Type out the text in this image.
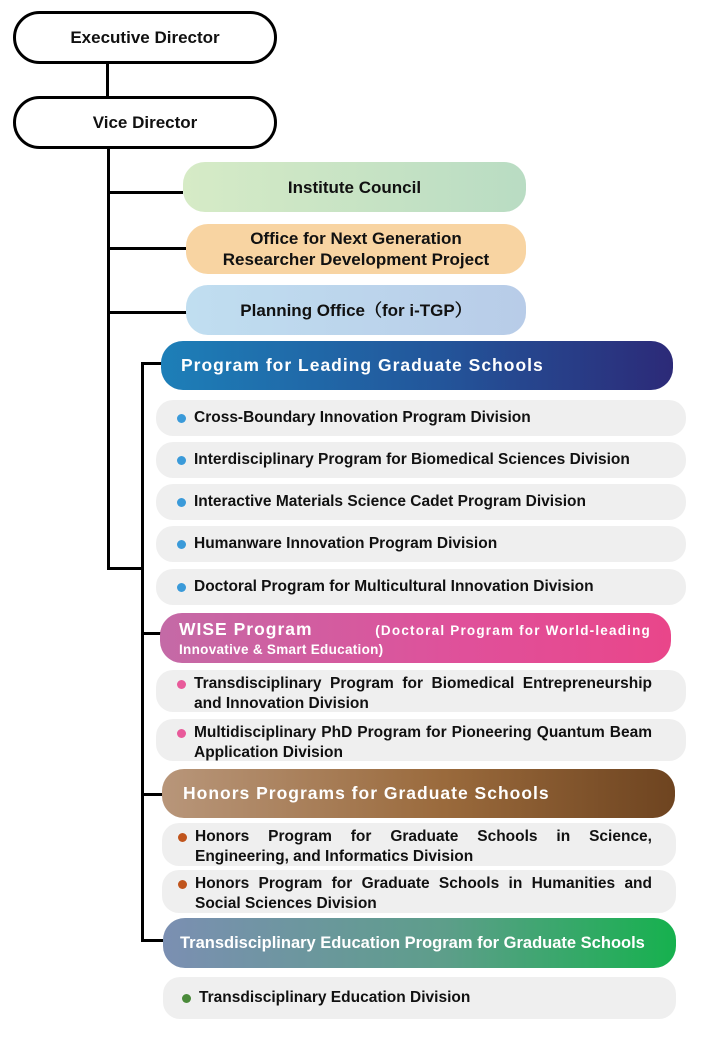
Executive Director
Vice Director
Institute Council
Office for Next Generation
Researcher Development Project
Planning Office（for i-TGP）
Program for Leading Graduate Schools
Cross-Boundary Innovation Program Division
Interdisciplinary Program for Biomedical Sciences Division
Interactive Materials Science Cadet Program Division
Humanware Innovation Program Division
Doctoral Program for Multicultural Innovation Division
WISE Program	(Doctoral Program for World-leading
Innovative & Smart Education)
Transdisciplinary Program for Biomedical Entrepreneurship and Innovation Division
Multidisciplinary PhD Program for Pioneering Quantum Beam Application Division
Honors Programs for Graduate Schools
Honors Program for Graduate Schools in Science, Engineering, and Informatics Division
Honors Program for Graduate Schools in Humanities and Social Sciences Division
Transdisciplinary Education Program for Graduate Schools
Transdisciplinary Education Division
